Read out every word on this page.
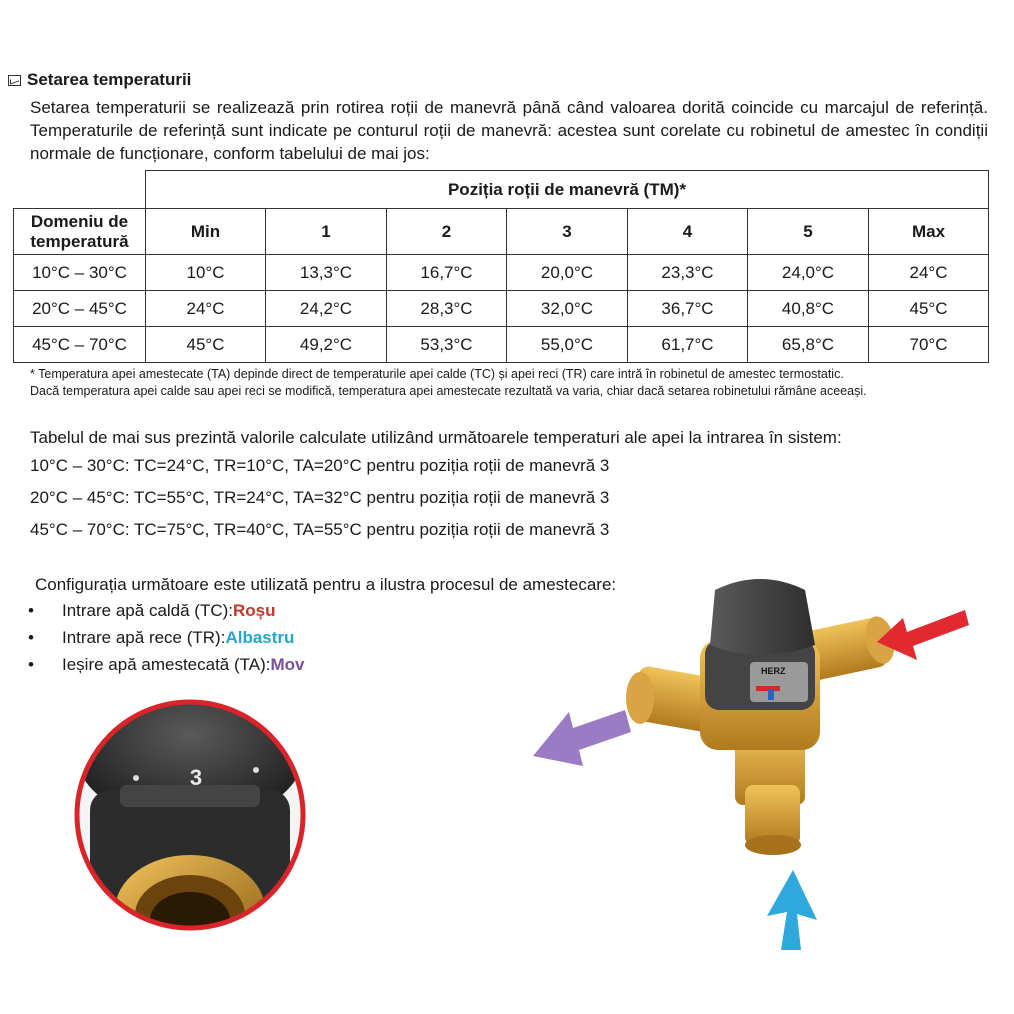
Setarea temperaturii
Setarea temperaturii se realizează prin rotirea roții de manevră până când valoarea dorită coincide cu marcajul de referință. Temperaturile de referință sunt indicate pe conturul roții de manevră: acestea sunt corelate cu robinetul de amestec în condiții normale de funcționare, conform tabelului de mai jos:
	Poziția roții de manevră (TM)*						
Domeniu de temperatură	Min	1	2	3	4	5	Max
10°C – 30°C	10°C	13,3°C	16,7°C	20,0°C	23,3°C	24,0°C	24°C
20°C – 45°C	24°C	24,2°C	28,3°C	32,0°C	36,7°C	40,8°C	45°C
45°C – 70°C	45°C	49,2°C	53,3°C	55,0°C	61,7°C	65,8°C	70°C
* Temperatura apei amestecate (TA) depinde direct de temperaturile apei calde (TC) și apei reci (TR) care intră în robinetul de amestec termostatic.
Dacă temperatura apei calde sau apei reci se modifică, temperatura apei amestecate rezultată va varia, chiar dacă setarea robinetului rămâne aceeași.
Tabelul de mai sus prezintă valorile calculate utilizând următoarele temperaturi ale apei la intrarea în sistem:
10°C – 30°C: TC=24°C, TR=10°C, TA=20°C pentru poziția roții de manevră 3
20°C – 45°C: TC=55°C, TR=24°C, TA=32°C pentru poziția roții de manevră 3
45°C – 70°C: TC=75°C, TR=40°C, TA=55°C pentru poziția roții de manevră 3
Configurația următoare este utilizată pentru a ilustra procesul de amestecare:
•	Intrare apă caldă (TC): Roșu
•	Intrare apă rece (TR): Albastru
•	Ieșire apă amestecată (TA): Mov
3
HERZ
